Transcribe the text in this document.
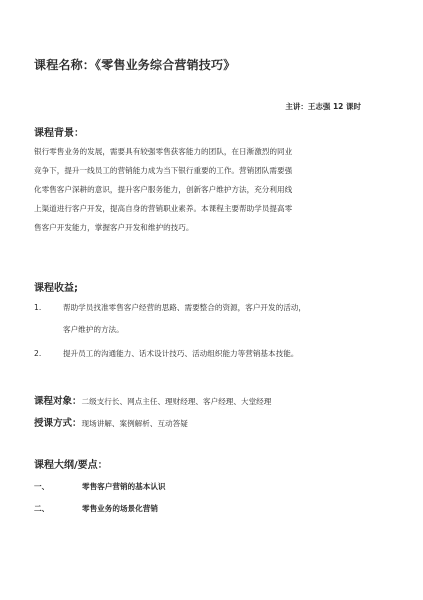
课程名称：《零售业务综合营销技巧》
主讲：王志强 12 课时
课程背景：
银行零售业务的发展，需要具有较强零售获客能力的团队，在日渐激烈的同业
竞争下，提升一线员工的营销能力成为当下银行重要的工作。营销团队需要强
化零售客户深耕的意识，提升客户服务能力，创新客户维护方法，充分利用线
上渠道进行客户开发，提高自身的营销职业素养。本课程主要帮助学员提高零
售客户开发能力，掌握客户开发和维护的技巧。
课程收益;
1.	帮助学员找准零售客户经营的思路、需要整合的资源，客户开发的活动，
客户维护的方法。
2.	提升员工的沟通能力、话术设计技巧、活动组织能力等营销基本技能。
课程对象：二级支行长、网点主任、理财经理、客户经理、大堂经理
授课方式：现场讲解、案例解析、互动答疑
课程大纲/要点：
一、	零售客户营销的基本认识
二、	零售业务的场景化营销
